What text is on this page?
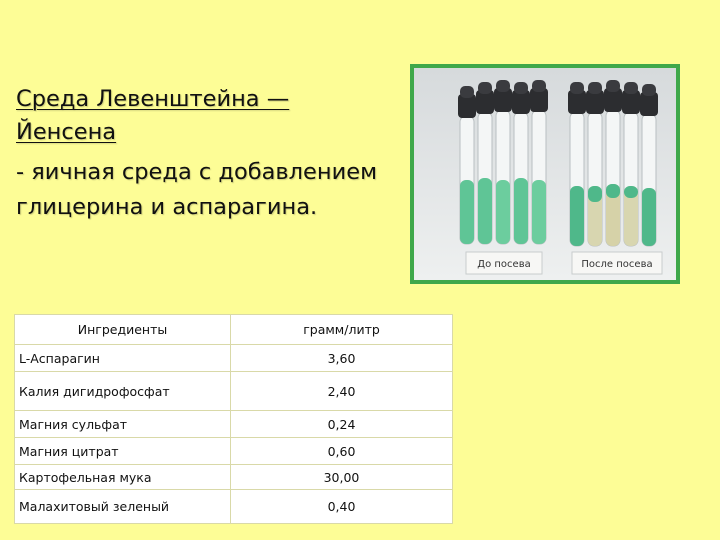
Среда Левенштейна —
Йенсена
- яичная среда с добавлением глицерина и аспарагина.
До посева	После посева
Ингредиенты	грамм/литр
L-Аспарагин	3,60
Калия дигидрофосфат	2,40
Магния сульфат	0,24
Магния цитрат	0,60
Картофельная мука	30,00
Малахитовый зеленый	0,40
